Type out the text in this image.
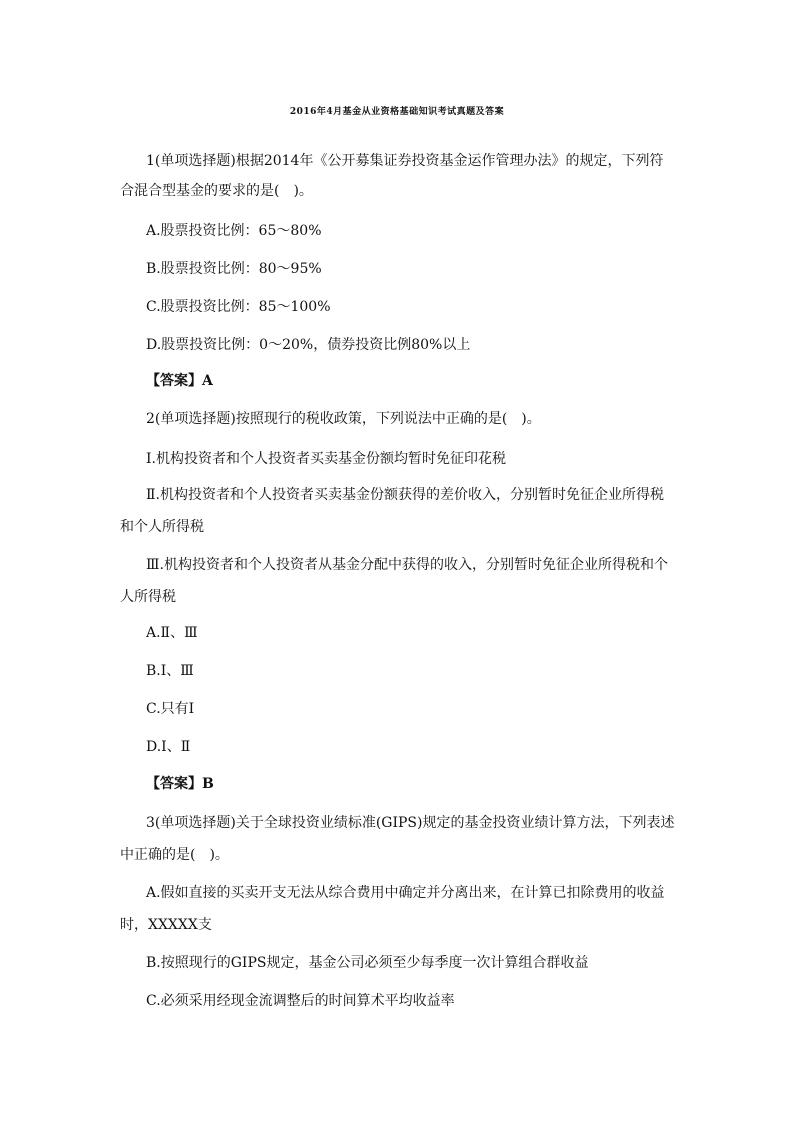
2016年4月基金从业资格基础知识考试真题及答案
1(单项选择题)根据2014年《公开募集证券投资基金运作管理办法》的规定，下列符
合混合型基金的要求的是(　)。
A.股票投资比例：65～80%
B.股票投资比例：80～95%
C.股票投资比例：85～100%
D.股票投资比例：0～20%，债券投资比例80%以上
【答案】A
2(单项选择题)按照现行的税收政策，下列说法中正确的是(　)。
Ⅰ.机构投资者和个人投资者买卖基金份额均暂时免征印花税
Ⅱ.机构投资者和个人投资者买卖基金份额获得的差价收入，分别暂时免征企业所得税
和个人所得税
Ⅲ.机构投资者和个人投资者从基金分配中获得的收入，分别暂时免征企业所得税和个
人所得税
A.Ⅱ、Ⅲ
B.Ⅰ、Ⅲ
C.只有Ⅰ
D.Ⅰ、Ⅱ
【答案】B
3(单项选择题)关于全球投资业绩标准(GIPS)规定的基金投资业绩计算方法，下列表述
中正确的是(　)。
A.假如直接的买卖开支无法从综合费用中确定并分离出来，在计算已扣除费用的收益
时，XXXXX支
B.按照现行的GIPS规定，基金公司必须至少每季度一次计算组合群收益
C.必须采用经现金流调整后的时间算术平均收益率
